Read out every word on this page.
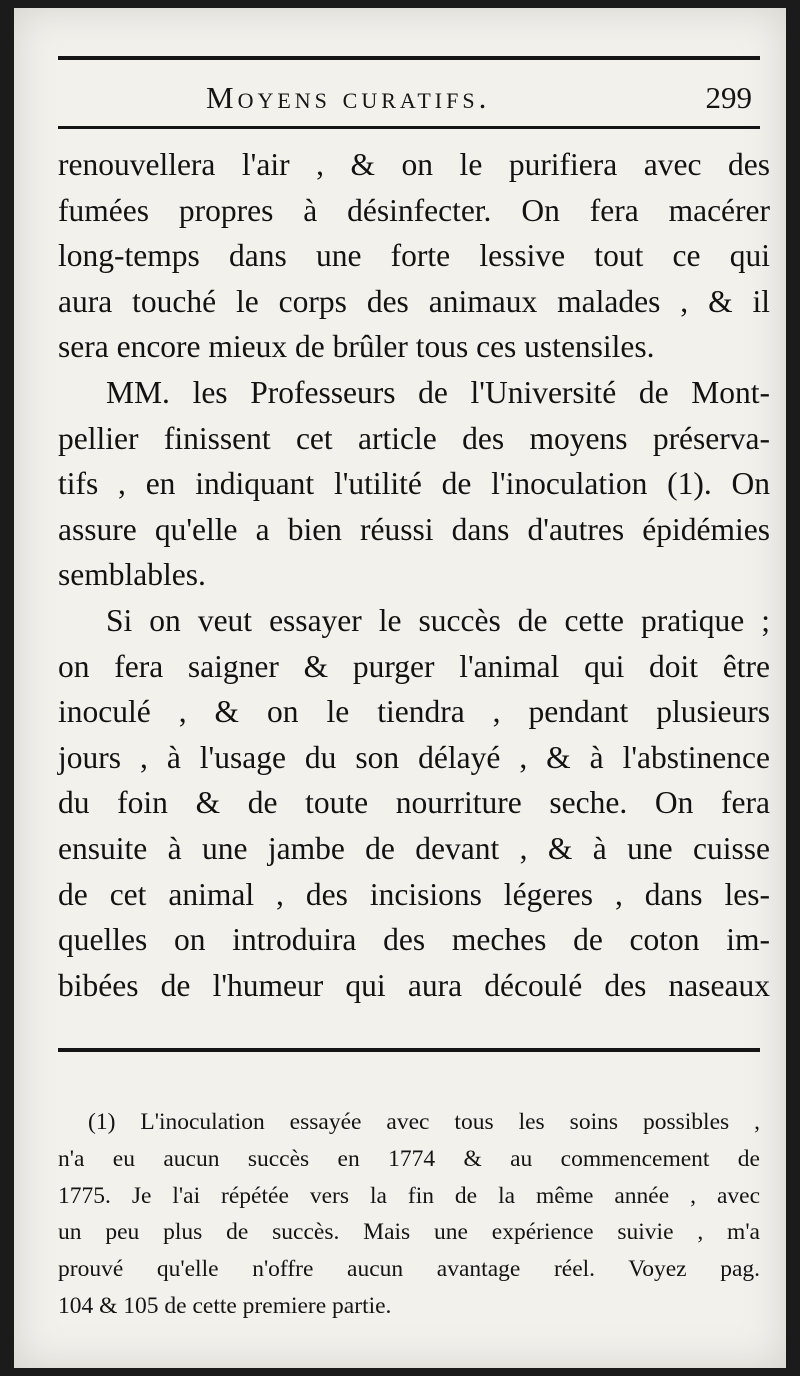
Moyens curatifs.	299
renouvellera l'air , & on le purifiera avec des
fumées propres à désinfecter. On fera macérer
long-temps dans une forte lessive tout ce qui
aura touché le corps des animaux malades , & il
sera encore mieux de brûler tous ces ustensiles.
MM. les Professeurs de l'Université de Mont-
pellier finissent cet article des moyens préserva-
tifs , en indiquant l'utilité de l'inoculation (1). On
assure qu'elle a bien réussi dans d'autres épidémies
semblables.
Si on veut essayer le succès de cette pratique ;
on fera saigner & purger l'animal qui doit être
inoculé , & on le tiendra , pendant plusieurs
jours , à l'usage du son délayé , & à l'abstinence
du foin & de toute nourriture seche. On fera
ensuite à une jambe de devant , & à une cuisse
de cet animal , des incisions légeres , dans les-
quelles on introduira des meches de coton im-
bibées de l'humeur qui aura découlé des naseaux
(1) L'inoculation essayée avec tous les soins possibles ,
n'a eu aucun succès en 1774 & au commencement de
1775. Je l'ai répétée vers la fin de la même année , avec
un peu plus de succès. Mais une expérience suivie , m'a
prouvé qu'elle n'offre aucun avantage réel. Voyez pag.
104 & 105 de cette premiere partie.
